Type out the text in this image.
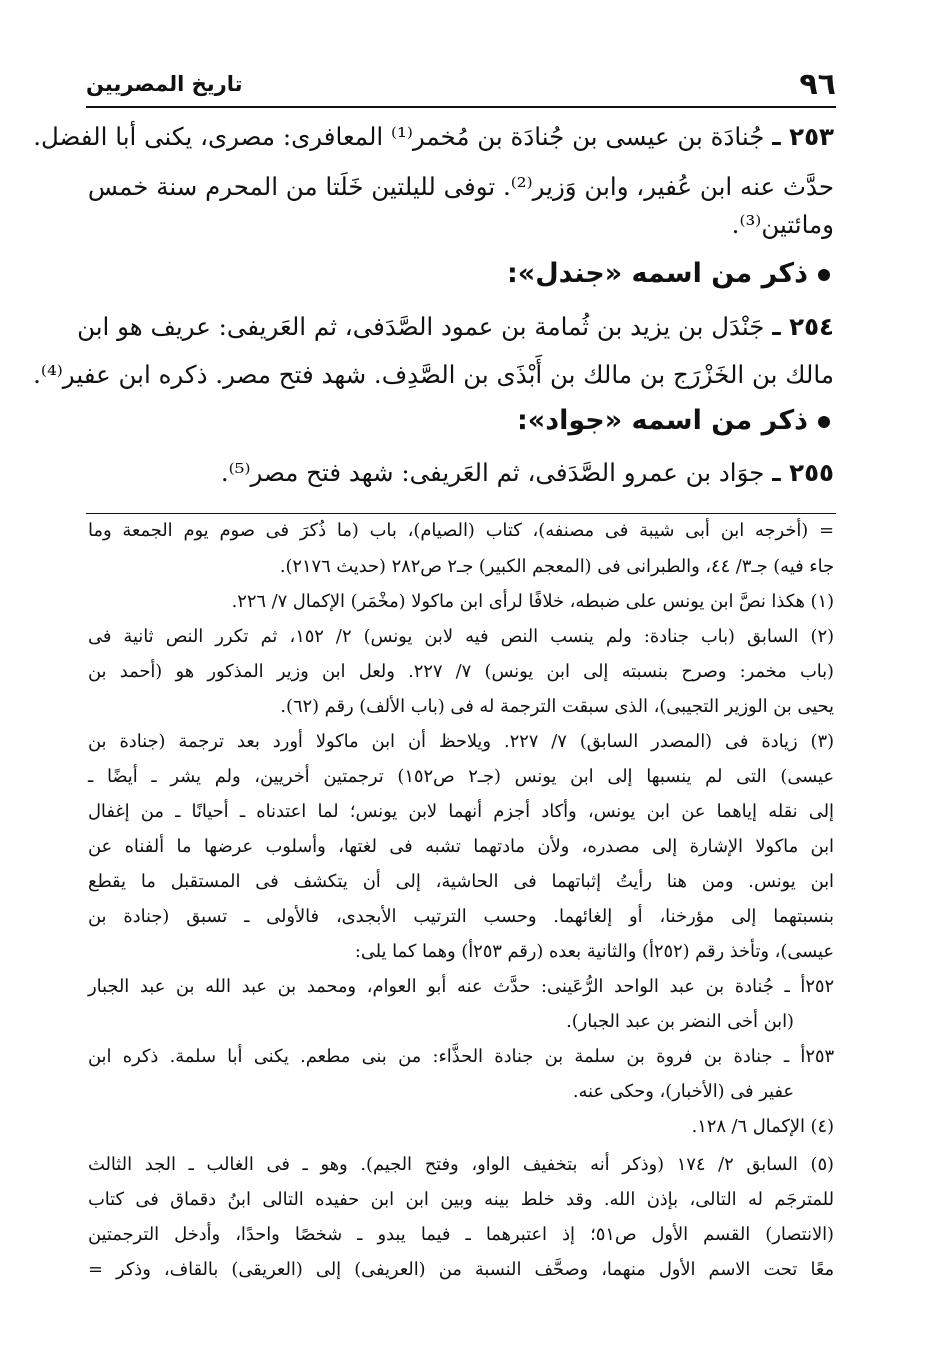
٩٦
تاريخ المصريين
٢٥٣ ـ جُنادَة بن عيسى بن جُنادَة بن مُخمر⁽¹⁾ المعافرى: مصرى، يكنى أبا الفضل.
حدَّث عنه ابن عُفير، وابن وَزير⁽²⁾. توفى لليلتين خَلَتا من المحرم سنة خمس
ومائتين⁽³⁾.
ذكر من اسمه «جندل»:
٢٥٤ ـ جَنْدَل بن يزيد بن ثُمامة بن عمود الصَّدَفى، ثم العَريفى: عريف هو ابن
مالك بن الخَزْرَج بن مالك بن أَبْذَى بن الصَّدِف. شهد فتح مصر. ذكره ابن عفير⁽⁴⁾.
ذكر من اسمه «جواد»:
٢٥٥ ـ جوَاد بن عمرو الصَّدَفى، ثم العَريفى: شهد فتح مصر⁽⁵⁾.
= (أخرجه ابن أبى شيبة فى مصنفه)، كتاب (الصيام)، باب (ما ذُكرَ فى صوم يوم الجمعة وما
جاء فيه) جـ٣/ ٤٤، والطبرانى فى (المعجم الكبير) جـ٢ ص٢٨٢ (حديث ٢١٧٦).
(١) هكذا نصَّ ابن يونس على ضبطه، خلافًا لرأى ابن ماكولا (مخْمَر) الإكمال ٧/ ٢٢٦.
(٢) السابق (باب جنادة: ولم ينسب النص فيه لابن يونس) ٢/ ١٥٢، ثم تكرر النص ثانية فى
(باب مخمر: وصرح بنسبته إلى ابن يونس) ٧/ ٢٢٧. ولعل ابن وزير المذكور هو (أحمد بن
يحيى بن الوزير التجيبى)، الذى سبقت الترجمة له فى (باب الألف) رقم (٦٢).
(٣) زيادة فى (المصدر السابق) ٧/ ٢٢٧. ويلاحظ أن ابن ماكولا أورد بعد ترجمة (جنادة بن
عيسى) التى لم ينسبها إلى ابن يونس (جـ٢ ص١٥٢) ترجمتين أخريين، ولم يشر ـ أيضًا ـ
إلى نقله إياهما عن ابن يونس، وأكاد أجزم أنهما لابن يونس؛ لما اعتدناه ـ أحيانًا ـ من إغفال
ابن ماكولا الإشارة إلى مصدره، ولأن مادتهما تشبه فى لغتها، وأسلوب عرضها ما ألفناه عن
ابن يونس. ومن هنا رأيتُ إثباتهما فى الحاشية، إلى أن يتكشف فى المستقبل ما يقطع
بنسبتهما إلى مؤرخنا، أو إلغائهما. وحسب الترتيب الأبجدى، فالأولى ـ تسبق (جنادة بن
عيسى)، وتأخذ رقم (٢٥٢أ) والثانية بعده (رقم ٢٥٣أ) وهما كما يلى:
٢٥٢أ ـ جُنادة بن عبد الواحد الرُّعَينى: حدَّث عنه أبو العوام، ومحمد بن عبد الله بن عبد الجبار
(ابن أخى النضر بن عبد الجبار).
٢٥٣أ ـ جنادة بن فروة بن سلمة بن جنادة الحذَّاء: من بنى مطعم. يكنى أبا سلمة. ذكره ابن
عفير فى (الأخبار)، وحكى عنه.
(٤) الإكمال ٦/ ١٢٨.
(٥) السابق ٢/ ١٧٤ (وذكر أنه بتخفيف الواو، وفتح الجيم). وهو ـ فى الغالب ـ الجد الثالث
للمترجَم له التالى، بإذن الله. وقد خلط بينه وبين ابن ابن حفيده التالى ابنُ دقماق فى كتاب
(الانتصار) القسم الأول ص٥١؛ إذ اعتبرهما ـ فيما يبدو ـ شخصًا واحدًا، وأدخل الترجمتين
معًا تحت الاسم الأول منهما، وصحَّف النسبة من (العريفى) إلى (العريقى) بالقاف، وذكر =
